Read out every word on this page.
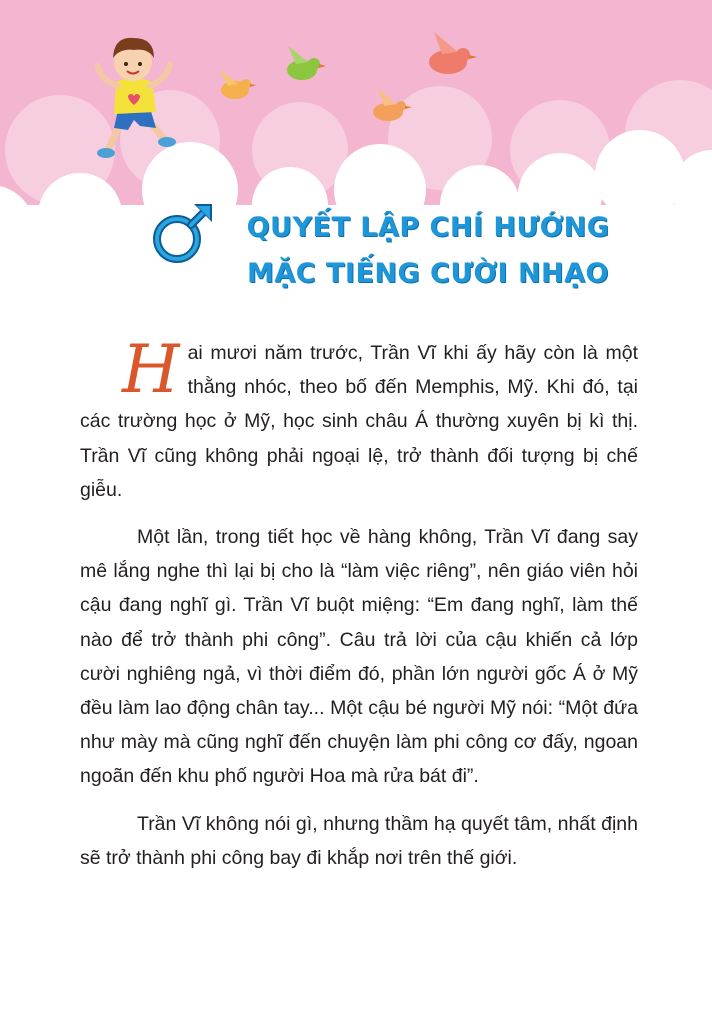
QUYẾT LẬP CHÍ HƯỚNG
MẶC TIẾNG CƯỜI NHẠO

Hai mươi năm trước, Trần Vĩ khi ấy hãy còn là một thằng nhóc, theo bố đến Memphis, Mỹ. Khi đó, tại các trường học ở Mỹ, học sinh châu Á thường xuyên bị kì thị. Trần Vĩ cũng không phải ngoại lệ, trở thành đối tượng bị chế giễu.

Một lần, trong tiết học về hàng không, Trần Vĩ đang say mê lắng nghe thì lại bị cho là “làm việc riêng”, nên giáo viên hỏi cậu đang nghĩ gì. Trần Vĩ buột miệng: “Em đang nghĩ, làm thế nào để trở thành phi công”. Câu trả lời của cậu khiến cả lớp cười nghiêng ngả, vì thời điểm đó, phần lớn người gốc Á ở Mỹ đều làm lao động chân tay... Một cậu bé người Mỹ nói: “Một đứa như mày mà cũng nghĩ đến chuyện làm phi công cơ đấy, ngoan ngoãn đến khu phố người Hoa mà rửa bát đi”.

Trần Vĩ không nói gì, nhưng thầm hạ quyết tâm, nhất định sẽ trở thành phi công bay đi khắp nơi trên thế giới.
